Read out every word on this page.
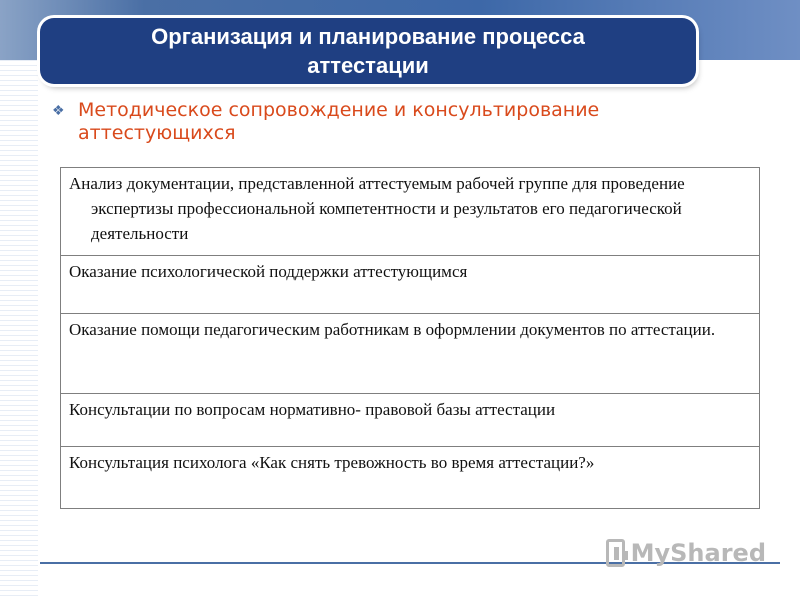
Организация и планирование процесса аттестации
❖ Методическое сопровождение и консультирование аттестующихся
Анализ документации, представленной аттестуемым рабочей группе для проведение экспертизы профессиональной компетентности и результатов его педагогической деятельности

Оказание психологической поддержки аттестующимся

Оказание помощи педагогическим работникам в оформлении документов по аттестации.

Консультации по вопросам нормативно- правовой базы аттестации

Консультация психолога «Как снять тревожность во время аттестации?»
MyShared
